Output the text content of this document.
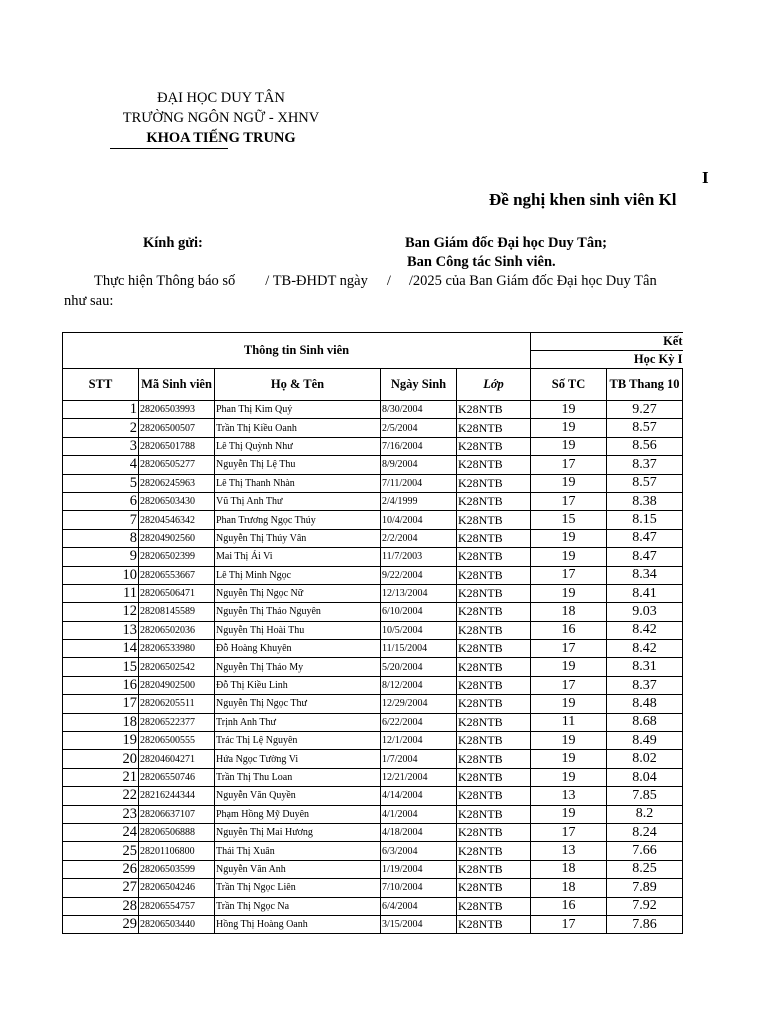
ĐẠI HỌC DUY TÂN
TRƯỜNG NGÔN NGỮ - XHNV
KHOA TIẾNG TRUNG
I
Đề nghị khen sinh viên Kl
Kính gửi:	Ban Giám đốc Đại học Duy Tân;
Ban Công tác Sinh viên.
Thực hiện Thông báo số / TB-ĐHDT ngày / /2025 của Ban Giám đốc Đại học Duy Tân
như sau:
Thông tin Sinh viên					Kết	
					Học Kỳ I	
STT	Mã Sinh viên	Họ & Tên	Ngày Sinh	Lớp	Số TC	TB Thang 10
1	28206503993	Phan Thị Kim Quý	8/30/2004	K28NTB	19	9.27
2	28206500507	Trần Thị Kiều Oanh	2/5/2004	K28NTB	19	8.57
3	28206501788	Lê Thị Quỳnh Như	7/16/2004	K28NTB	19	8.56
4	28206505277	Nguyễn Thị Lệ Thu	8/9/2004	K28NTB	17	8.37
5	28206245963	Lê Thị Thanh Nhàn	7/11/2004	K28NTB	19	8.57
6	28206503430	Vũ Thị Anh Thư	2/4/1999	K28NTB	17	8.38
7	28204546342	Phan Trương Ngọc Thúy	10/4/2004	K28NTB	15	8.15
8	28204902560	Nguyễn Thị Thúy Vân	2/2/2004	K28NTB	19	8.47
9	28206502399	Mai Thị Ái Vi	11/7/2003	K28NTB	19	8.47
10	28206553667	Lê Thị Minh Ngọc	9/22/2004	K28NTB	17	8.34
11	28206506471	Nguyễn Thị Ngọc Nữ	12/13/2004	K28NTB	19	8.41
12	28208145589	Nguyễn Thị Thảo Nguyên	6/10/2004	K28NTB	18	9.03
13	28206502036	Nguyễn Thị Hoài Thu	10/5/2004	K28NTB	16	8.42
14	28206533980	Đỗ Hoàng Khuyên	11/15/2004	K28NTB	17	8.42
15	28206502542	Nguyễn Thị Thảo My	5/20/2004	K28NTB	19	8.31
16	28204902500	Đỗ Thị Kiều Linh	8/12/2004	K28NTB	17	8.37
17	28206205511	Nguyễn Thị Ngọc Thư	12/29/2004	K28NTB	19	8.48
18	28206522377	Trịnh Anh Thư	6/22/2004	K28NTB	11	8.68
19	28206500555	Trác Thị Lệ Nguyên	12/1/2004	K28NTB	19	8.49
20	28204604271	Hứa Ngọc Tường Vi	1/7/2004	K28NTB	19	8.02
21	28206550746	Trần Thị Thu Loan	12/21/2004	K28NTB	19	8.04
22	28216244344	Nguyễn Văn Quyền	4/14/2004	K28NTB	13	7.85
23	28206637107	Phạm Hồng Mỹ Duyên	4/1/2004	K28NTB	19	8.2
24	28206506888	Nguyễn Thị Mai Hương	4/18/2004	K28NTB	17	8.24
25	28201106800	Thái Thị Xuân	6/3/2004	K28NTB	13	7.66
26	28206503599	Nguyễn Văn Anh	1/19/2004	K28NTB	18	8.25
27	28206504246	Trần Thị Ngọc Liên	7/10/2004	K28NTB	18	7.89
28	28206554757	Trần Thị Ngọc Na	6/4/2004	K28NTB	16	7.92
29	28206503440	Hồng Thị Hoàng Oanh	3/15/2004	K28NTB	17	7.86
